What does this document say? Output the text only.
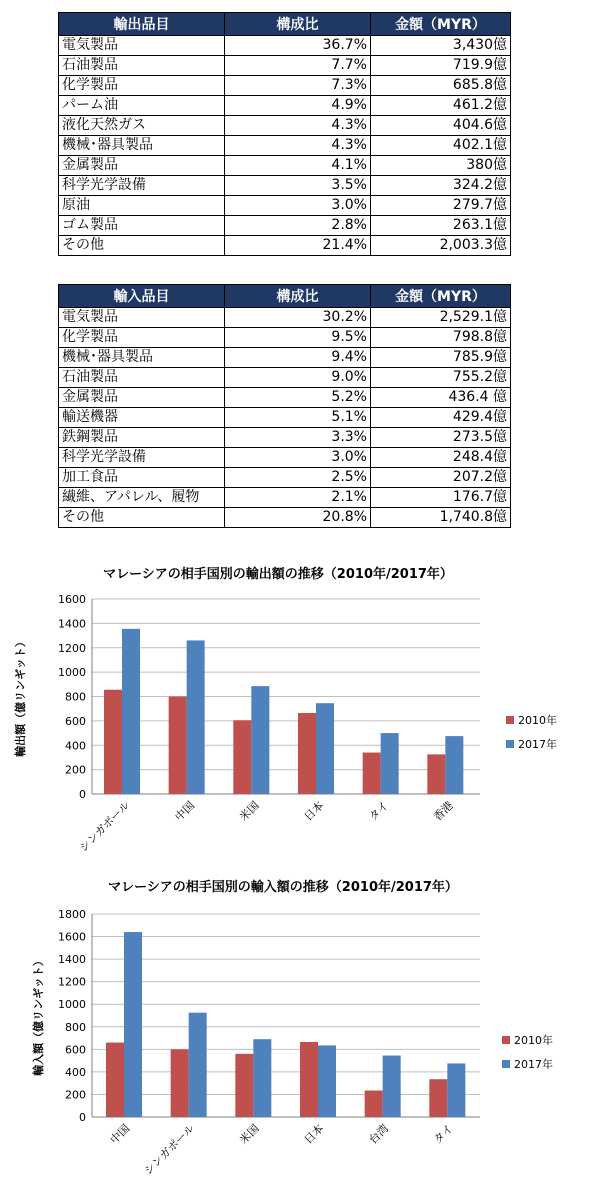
輸出品目	構成比	金額（MYR）
電気製品	36.7%	3,430億
石油製品	7.7%	719.9億
化学製品	7.3%	685.8億
パーム油	4.9%	461.2億
液化天然ガス	4.3%	404.6億
機械･器具製品	4.3%	402.1億
金属製品	4.1%	380億
科学光学設備	3.5%	324.2億
原油	3.0%	279.7億
ゴム製品	2.8%	263.1億
その他	21.4%	2,003.3億
輸入品目	構成比	金額（MYR）
電気製品	30.2%	2,529.1億
化学製品	9.5%	798.8億
機械･器具製品	9.4%	785.9億
石油製品	9.0%	755.2億
金属製品	5.2%	436.4 億
輸送機器	5.1%	429.4億
鉄鋼製品	3.3%	273.5億
科学光学設備	3.0%	248.4億
加工食品	2.5%	207.2億
繊維、アパレル、履物	2.1%	176.7億
その他	20.8%	1,740.8億
マレーシアの相手国別の輸出額の推移（2010年/2017年）
0
200
400
600
800
1000
1200
1400
1600
輸出額（億リンギット）
シンガポール	中国	米国	日本	タイ	香港
2010年
2017年
マレーシアの相手国別の輸入額の推移（2010年/2017年）
0
200
400
600
800
1000
1200
1400
1600
1800
輸入額（億リンギット）
中国 シンガポール	米国	日本	台湾	タイ
2010年
2017年
